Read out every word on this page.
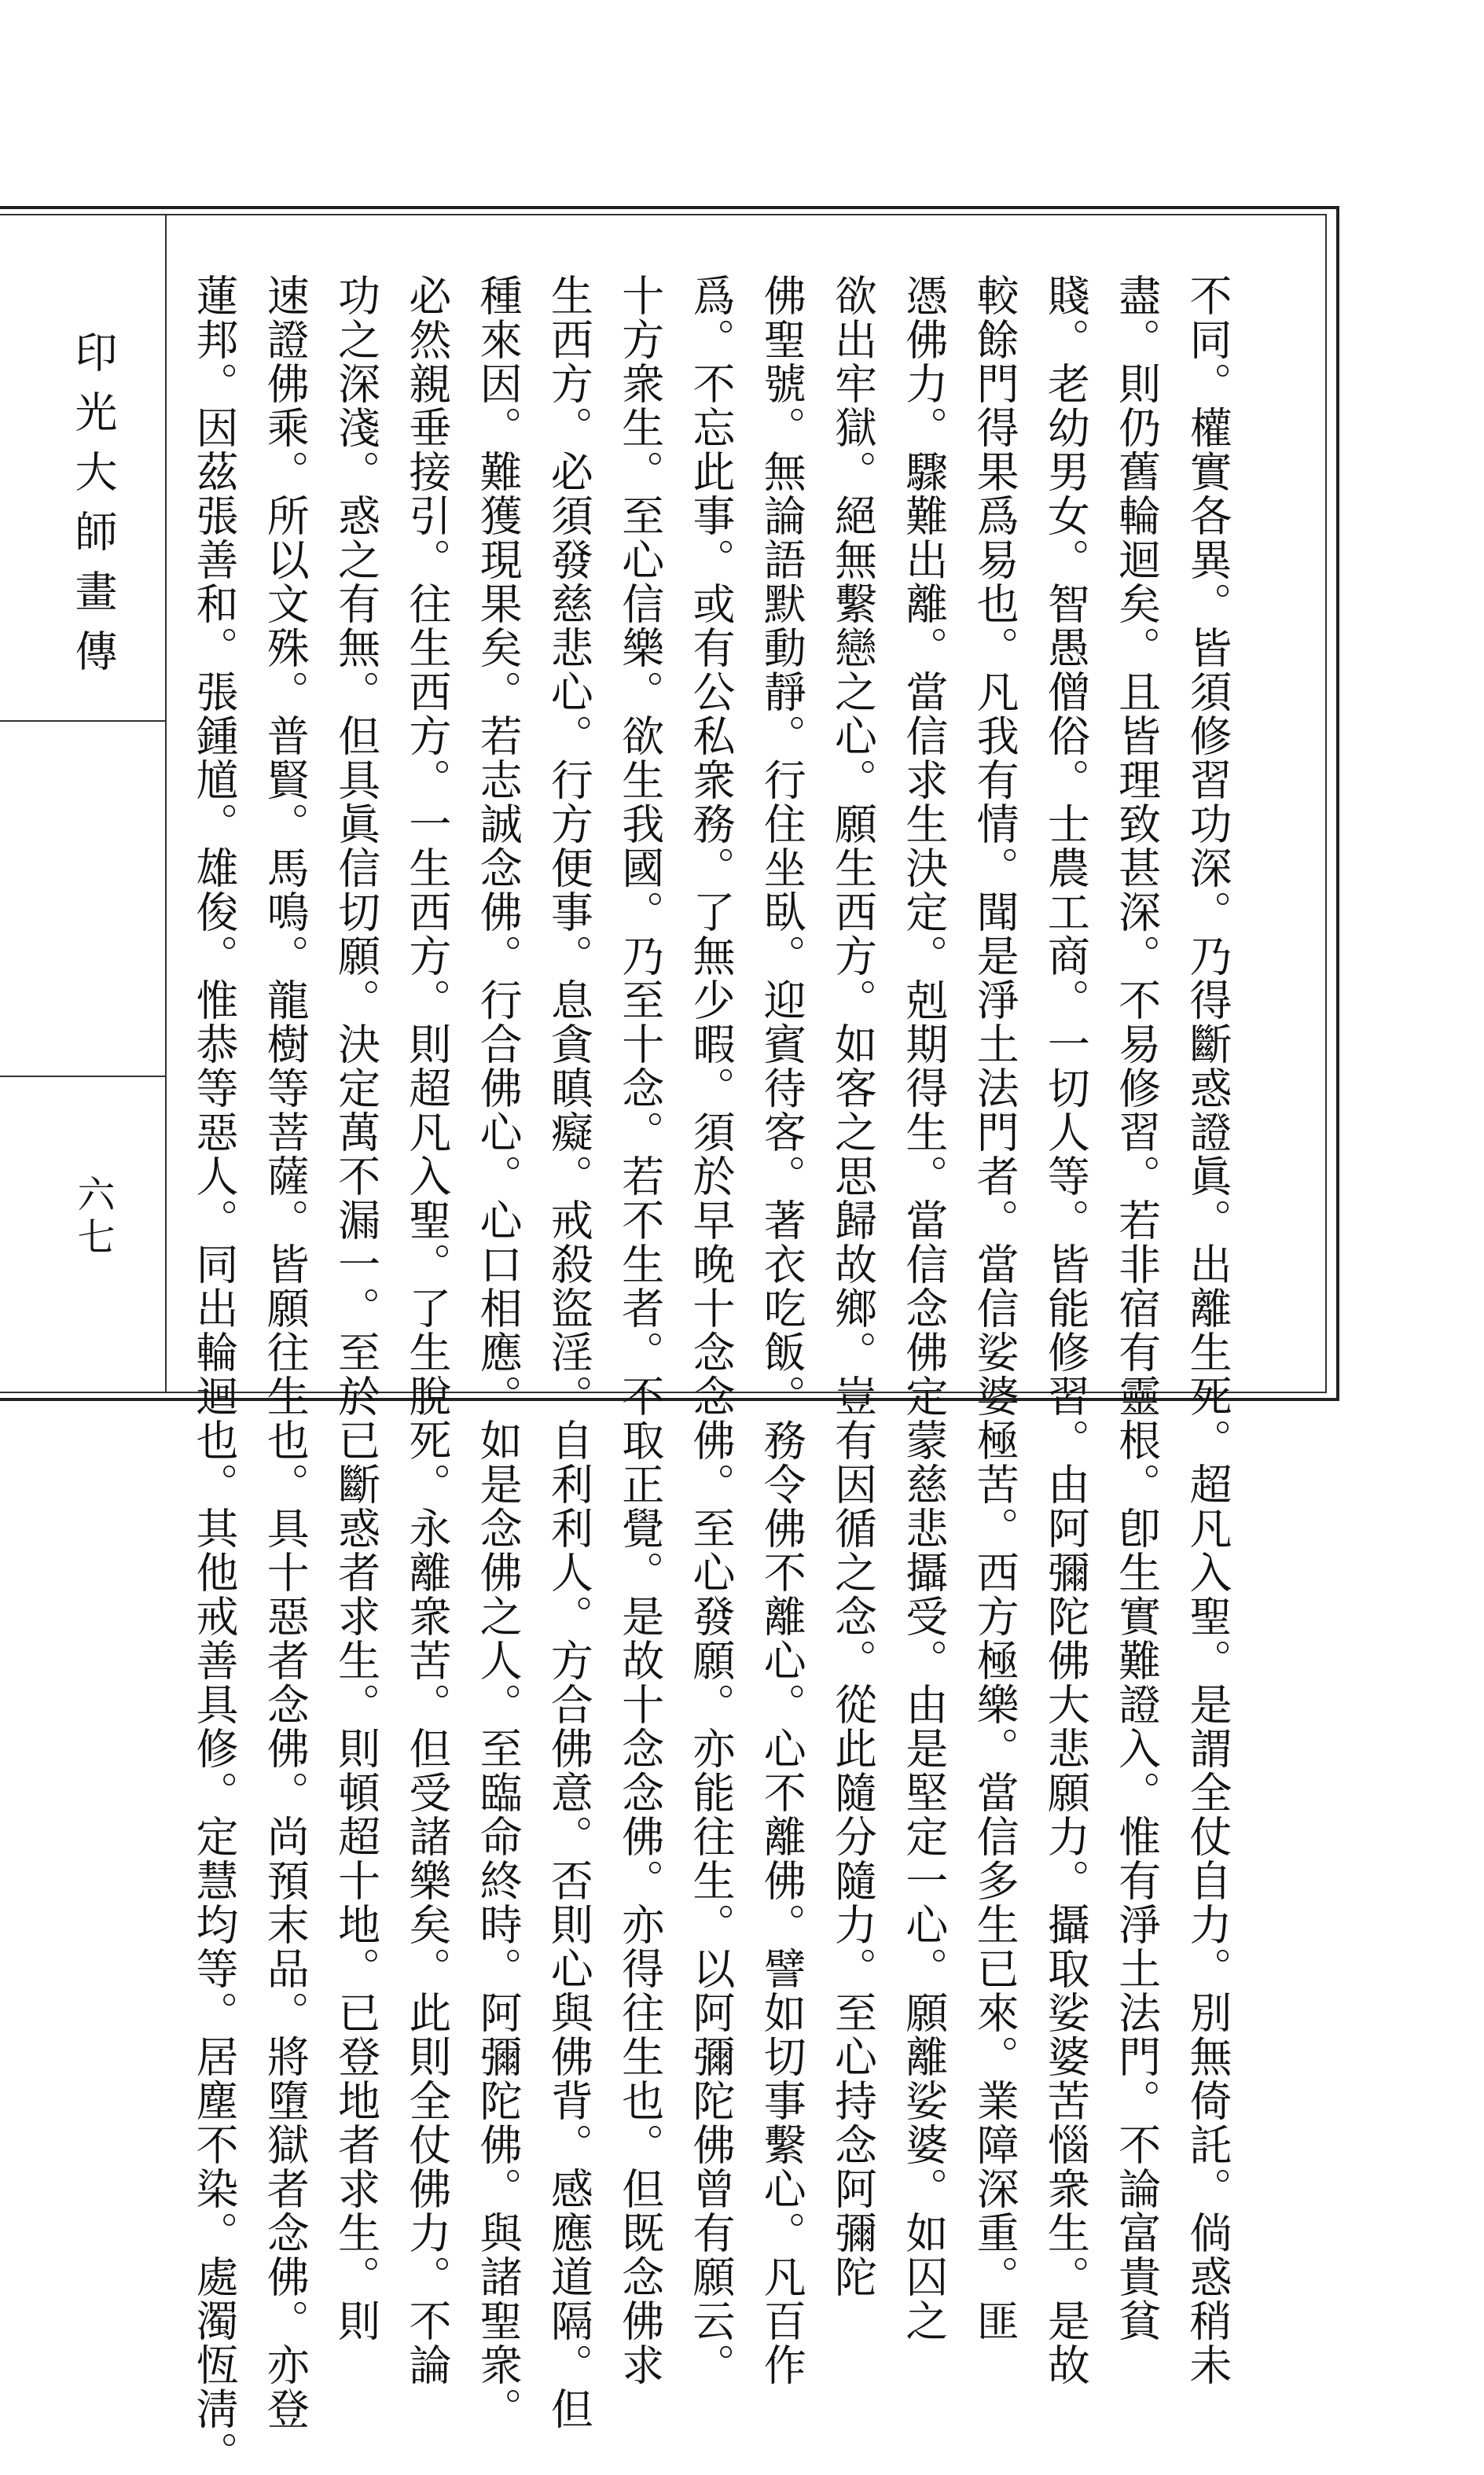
印光大師畫傳
六七	不同。權實各異。皆須修習功深。乃得斷惑證眞。出離生死。超凡入聖。是謂全仗自力。別無倚託。倘惑稍未
盡。則仍舊輪迴矣。且皆理致甚深。不易修習。若非宿有靈根。卽生實難證入。惟有淨土法門。不論富貴貧
賤。老幼男女。智愚僧俗。士農工商。一切人等。皆能修習。由阿彌陀佛大悲願力。攝取娑婆苦惱衆生。是故
較餘門得果爲易也。凡我有情。聞是淨土法門者。當信娑婆極苦。西方極樂。當信多生已來。業障深重。匪
憑佛力。驟難出離。當信求生決定。剋期得生。當信念佛定蒙慈悲攝受。由是堅定一心。願離娑婆。如囚之
欲出牢獄。絕無繫戀之心。願生西方。如客之思歸故鄉。豈有因循之念。從此隨分隨力。至心持念阿彌陀
佛聖號。無論語默動靜。行住坐臥。迎賓待客。著衣吃飯。務令佛不離心。心不離佛。譬如切事繫心。凡百作
爲。不忘此事。或有公私衆務。了無少暇。須於早晚十念念佛。至心發願。亦能往生。以阿彌陀佛曾有願云。
十方衆生。至心信樂。欲生我國。乃至十念。若不生者。不取正覺。是故十念念佛。亦得往生也。但既念佛求
生西方。必須發慈悲心。行方便事。息貪瞋癡。戒殺盜淫。自利利人。方合佛意。否則心與佛背。感應道隔。但
種來因。難獲現果矣。若志誠念佛。行合佛心。心口相應。如是念佛之人。至臨命終時。阿彌陀佛。與諸聖衆。
必然親垂接引。往生西方。一生西方。則超凡入聖。了生脫死。永離衆苦。但受諸樂矣。此則全仗佛力。不論
功之深淺。惑之有無。但具眞信切願。決定萬不漏一。至於已斷惑者求生。則頓超十地。已登地者求生。則
速證佛乘。所以文殊。普賢。馬鳴。龍樹等菩薩。皆願往生也。具十惡者念佛。尚預末品。將墮獄者念佛。亦登
蓮邦。因茲張善和。張鍾馗。雄俊。惟恭等惡人。同出輪迴也。其他戒善具修。定慧均等。居塵不染。處濁恆淸。
